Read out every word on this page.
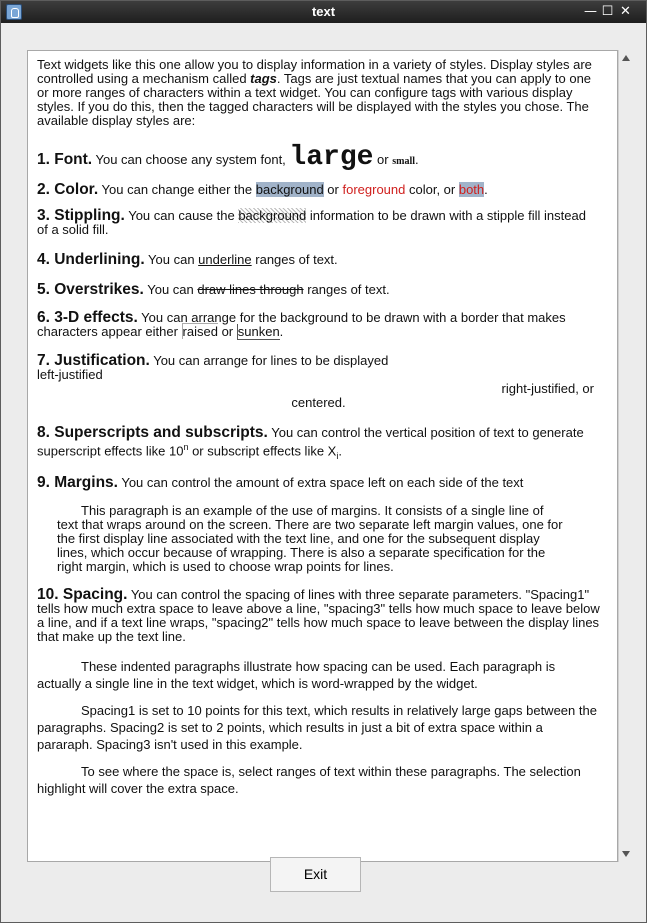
text	— ☐ ✕

Text widgets like this one allow you to display information in a variety of styles. Display styles are controlled using a mechanism called tags. Tags are just textual names that you can apply to one or more ranges of characters within a text widget. You can configure tags with various display styles. If you do this, then the tagged characters will be displayed with the styles you chose. The available display styles are:

1. Font. You can choose any system font, large or small.

2. Color. You can change either the background or foreground color, or both.

3. Stippling. You can cause the background information to be drawn with a stipple fill instead of a solid fill.

4. Underlining. You can underline ranges of text.

5. Overstrikes. You can draw lines through ranges of text.

6. 3-D effects. You can arrange for the background to be drawn with a border that makes characters appear either raised or sunken.

7. Justification. You can arrange for lines to be displayed

left-justified

right-justified, or

centered.

8. Superscripts and subscripts. You can control the vertical position of text to generate superscript effects like 10$^n$ or subscript effects like $X_i$.

9. Margins. You can control the amount of extra space left on each side of the text

This paragraph is an example of the use of margins. It consists of a single line of text that wraps around on the screen. There are two separate left margin values, one for the first display line associated with the text line, and one for the subsequent display lines, which occur because of wrapping. There is also a separate specification for the right margin, which is used to choose wrap points for lines.

10. Spacing. You can control the spacing of lines with three separate parameters. "Spacing1" tells how much extra space to leave above a line, "spacing3" tells how much space to leave below a line, and if a text line wraps, "spacing2" tells how much space to leave between the display lines that make up the text line.

These indented paragraphs illustrate how spacing can be used. Each paragraph is actually a single line in the text widget, which is word-wrapped by the widget.

Spacing1 is set to 10 points for this text, which results in relatively large gaps between the paragraphs. Spacing2 is set to 2 points, which results in just a bit of extra space within a pararaph. Spacing3 isn't used in this example.

To see where the space is, select ranges of text within these paragraphs. The selection highlight will cover the extra space.

Exit
